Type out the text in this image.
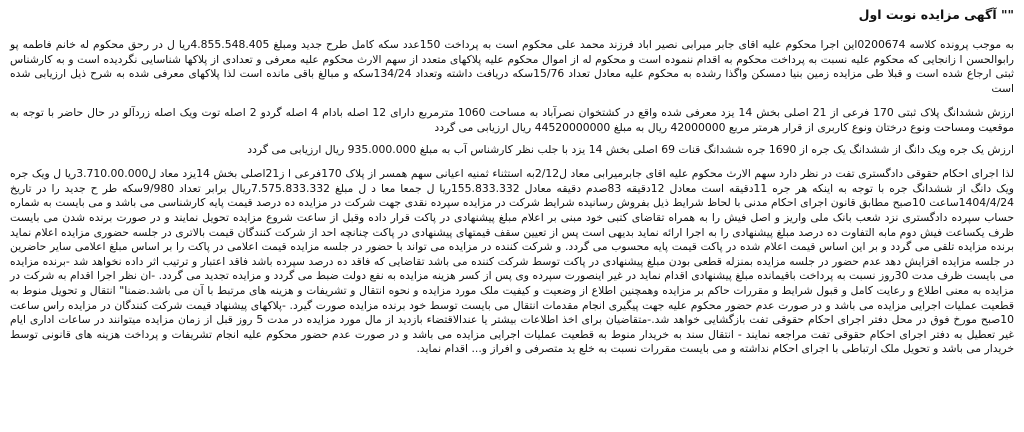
"" آگهی مزایده نوبت اول

به موجب پرونده کلاسه 0200674این اجرا محکوم علیه اقای جابر میرابی نصیر اباد فرزند محمد علی محکوم است به پرداخت 150عدد سکه کامل طرح جدید ومبلغ 4.855.548.405ریا ل در رحق محکوم له خانم فاطمه پو رابوالحسن ا زانجایی که محکوم علیه نسبت به پرداخت محکوم به اقدام ننموده است و محکوم له از اموال محکوم علیه پلاکهای متعدد از سهم الارث محکوم علیه معرفی و تعدادی از پلاکها شناسایی نگردیده است و به کارشناس ثبتی ارجاع شده است و قبلا طی مزایده زمین بنیا دمسکن واگذا رشده به محکوم علیه معادل تعداد 15/76سکه دریافت داشته وتعداد 134/24سکه و مبالغ باقی مانده است لذا پلاکهای معرفی شده به شرح ذیل ارزیابی شده است

ارزش ششدانگ پلاک ثبتی 170 فرعی از 21 اصلی بخش 14 یزد معرفی شده واقع در کشتخوان نصرآباد به مساحت 1060 مترمربع دارای 12 اصله بادام 4 اصله گردو 2 اصله توت ویک اصله زردآلو در حال حاضر با توجه به موقعیت ومساحت ونوع درختان ونوع کاربری از قرار هرمتر مربع 42000000 ریال به مبلغ 44520000000 ریال ارزیابی می گردد

ارزش یک جره ویک دانگ از ششدانگ یک جره از 1690 جره ششدانگ قنات 69 اصلی بخش 14 یزد با جلب نظر کارشناس آب به مبلغ 935.000.000 ریال ارزیابی می گردد

لذا اجرای احکام حقوقی دادگستری تفت در نظر دارد سهم الارث محکوم علیه اقای جابرمیرابی معاد ل2/12به استثناء ثمنیه اعیانی سهم همسر از پلاک 170فرعی ا ز21اصلی بخش 14یزد معاد ل3.710.00.000ریا ل ویک جره ویک دانگ از ششدانگ جره با توجه به اینکه هر جره 11دقیقه است معادل 12دقیقه 83صدم دقیقه معادل 155.833.332ریا ل جمعا معا د ل مبلغ 7.575.833.332ریال برابر تعداد 9/980سکه طر ح جدید را در تاریخ 1404/4/24ساعت 10صبح مطابق قانون اجرای احکام مدنی با لحاظ شرایط ذیل بفروش رسانیده شرایط شرکت در مزایده سپرده نقدی جهت شرکت در مزایده ده درصد قیمت پایه کارشناسی می باشد و می بایست به شماره حساب سپرده دادگستری نزد شعب بانک ملی واریز و اصل فیش را به همراه تقاضای کتبی خود مبنی بر اعلام مبلغ پیشنهادی در پاکت قرار داده وقبل از ساعت شروع مزایده تحویل نمایند و در صورت برنده شدن می بایست ظرف یکساعت فیش دوم مابه التفاوت ده درصد مبلغ پیشنهادی را به اجرا ارائه نماید بدیهی است پس از تعیین سقف قیمتهای پیشنهادی در پاکت چنانچه احد از شرکت کنندگان قیمت بالاتری در جلسه حضوری مزایده اعلام نماید برنده مزایده تلقی می گردد و بر این اساس قیمت اعلام شده در پاکت قیمت پایه محسوب می گردد. و شرکت کننده در مزایده می تواند با حضور در جلسه مزایده قیمت اعلامی در پاکت را بر اساس مبلغ اعلامی سایر حاضرین در جلسه مزایده افزایش دهد عدم حضور در جلسه مزایده بمنزله قطعی بودن مبلغ پیشنهادی در پاکت توسط شرکت کننده می باشد تقاضایی که فاقد ده درصد سپرده باشد فاقد اعتبار و ترتیب اثر داده نخواهد شد -برنده مزایده می بایست ظرف مدت 30روز نسبت به پرداخت باقیمانده مبلغ پیشنهادی اقدام نماید در غیر اینصورت سپرده وی پس از کسر هزینه مزایده به نفع دولت ضبط می گردد و مزایده تجدید می گردد. -ان نظر اجرا اقدام به شرکت در مزایده به معنی اطلاع و رعایت کامل و قبول شرایط و مقررات حاکم بر مزایده وهمچنین اطلاع از وضعیت و کیفیت ملک مورد مزایده و نحوه انتقال و تشریفات و هزینه های مرتبط با آن می باشد.ضمنا" انتقال و تحویل منوط به قطعیت عملیات اجرایی مزایده می باشد و در صورت عدم حضور محکوم علیه جهت پیگیری انجام مقدمات انتقال می بایست توسط خود برنده مزایده صورت گیرد. -پلاکهای پیشنهاد قیمت شرکت کنندگان در مزایده راس ساعت 10صبح مورخ فوق در محل دفتر اجرای احکام حقوقی تفت بازگشایی خواهد شد.-متقاضیان برای اخذ اطلاعات بیشتر یا عندالاقتضاء بازدید از مال مورد مزایده در مدت 5 روز قبل از زمان مزایده میتوانند در ساعات اداری ایام غیر تعطیل به دفتر اجرای احکام حقوقی تفت مراجعه نمایند - انتقال سند به خریدار منوط به قطعیت عملیات اجرایی مزایده می باشد و در صورت عدم حضور محکوم علیه انجام تشریفات و پرداخت هزینه های قانونی توسط خریدار می باشد و تحویل ملک ارتباطی با اجرای احکام نداشته و می بایست مقررات نسبت به خلع ید متصرفی و افراز و... اقدام نماید.
